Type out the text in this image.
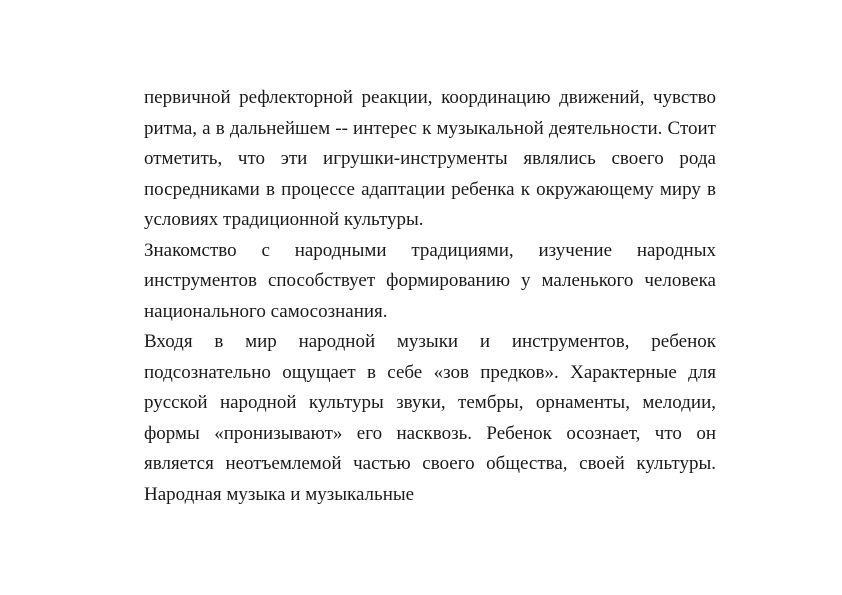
первичной рефлекторной реакции, координацию движений, чувство ритма, а в дальнейшем -- интерес к музыкальной деятельности. Стоит отметить, что эти игрушки-инструменты являлись своего рода посредниками в процессе адаптации ребенка к окружающему миру в условиях традиционной культуры.

Знакомство с народными традициями, изучение народных инструментов способствует формированию у маленького человека национального самосознания.

Входя в мир народной музыки и инструментов, ребенок подсознательно ощущает в себе «зов предков». Характерные для русской народной культуры звуки, тембры, орнаменты, мелодии, формы «пронизывают» его насквозь. Ребенок осознает, что он является неотъемлемой частью своего общества, своей культуры. Народная музыка и музыкальные
